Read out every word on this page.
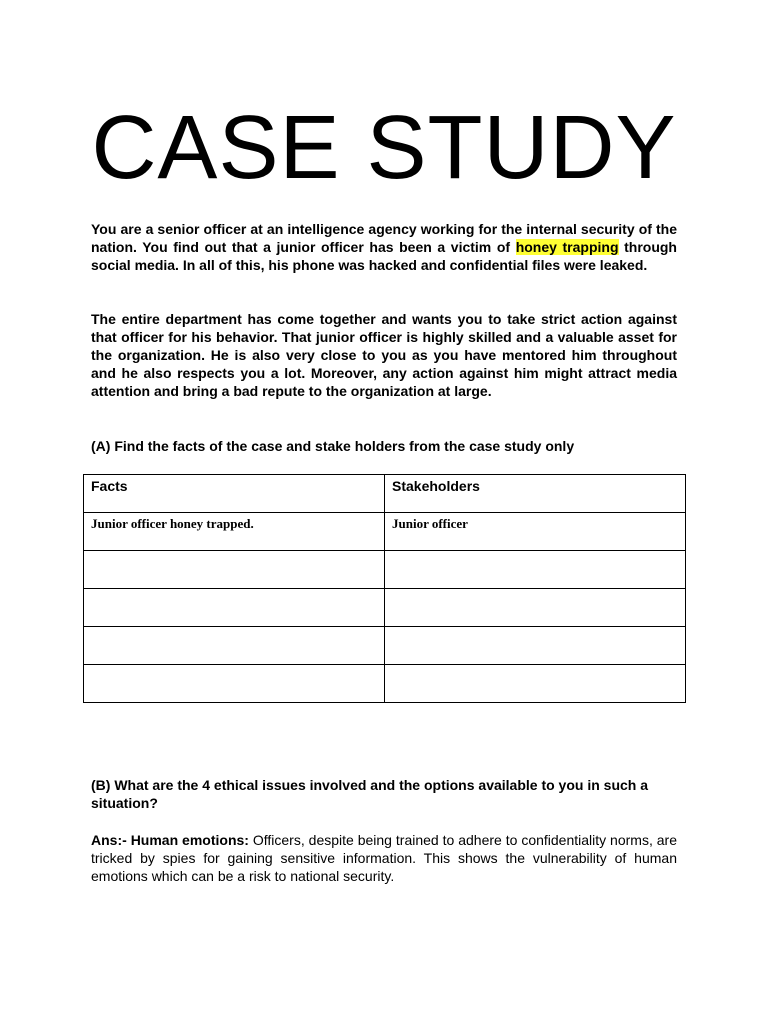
CASE STUDY

You are a senior officer at an intelligence agency working for the internal security of the nation. You find out that a junior officer has been a victim of honey trapping through social media. In all of this, his phone was hacked and confidential files were leaked.

The entire department has come together and wants you to take strict action against that officer for his behavior. That junior officer is highly skilled and a valuable asset for the organization. He is also very close to you as you have mentored him throughout and he also respects you a lot. Moreover, any action against him might attract media attention and bring a bad repute to the organization at large.

(A) Find the facts of the case and stake holders from the case study only

Facts	Stakeholders
Junior officer honey trapped.	Junior officer

(B) What are the 4 ethical issues involved and the options available to you in such a situation?

Ans:- Human emotions: Officers, despite being trained to adhere to confidentiality norms, are tricked by spies for gaining sensitive information. This shows the vulnerability of human emotions which can be a risk to national security.
